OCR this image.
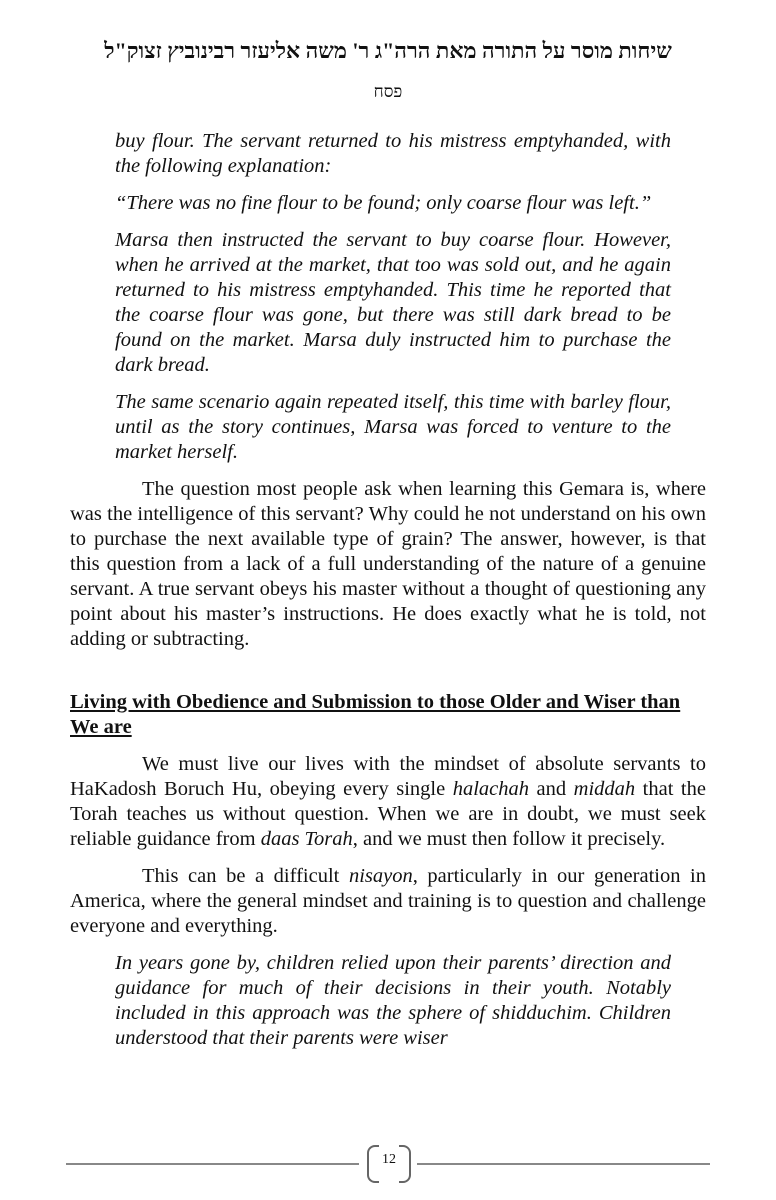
שיחות מוסר על התורה מאת הרה"ג ר' משה אליעזר רבינוביץ זצוק"ל
פסח

buy flour. The servant returned to his mistress emptyhanded, with the following explanation:

“There was no fine flour to be found; only coarse flour was left.”

Marsa then instructed the servant to buy coarse flour. However, when he arrived at the market, that too was sold out, and he again returned to his mistress emptyhanded. This time he reported that the coarse flour was gone, but there was still dark bread to be found on the market. Marsa duly instructed him to purchase the dark bread.

The same scenario again repeated itself, this time with barley flour, until as the story continues, Marsa was forced to venture to the market herself.

The question most people ask when learning this Gemara is, where was the intelligence of this servant? Why could he not understand on his own to purchase the next available type of grain? The answer, however, is that this question from a lack of a full understanding of the nature of a genuine servant. A true servant obeys his master without a thought of questioning any point about his master’s instructions. He does exactly what he is told, not adding or subtracting.

Living with Obedience and Submission to those Older and Wiser than We are

We must live our lives with the mindset of absolute servants to HaKadosh Boruch Hu, obeying every single halachah and middah that the Torah teaches us without question. When we are in doubt, we must seek reliable guidance from daas Torah, and we must then follow it precisely.

This can be a difficult nisayon, particularly in our generation in America, where the general mindset and training is to question and challenge everyone and everything.

In years gone by, children relied upon their parents’ direction and guidance for much of their decisions in their youth. Notably included in this approach was the sphere of shidduchim. Children understood that their parents were wiser

12
